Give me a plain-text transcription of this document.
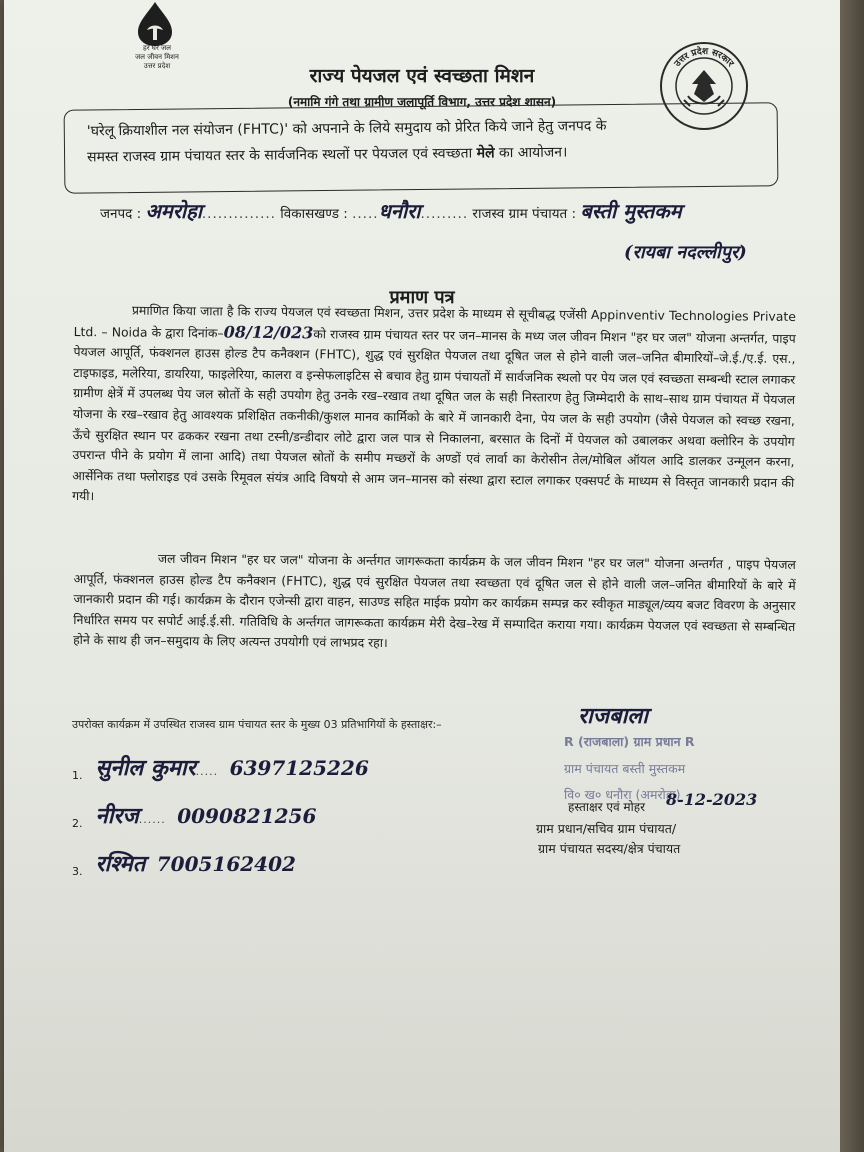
हर घर जल
जल जीवन मिशन
उत्तर प्रदेश	उत्तर प्रदेश सरकार
राज्य पेयजल एवं स्वच्छता मिशन
(नमामि गंगे तथा ग्रामीण जलापूर्ति विभाग, उत्तर प्रदेश शासन)
'घरेलू क्रियाशील नल संयोजन (FHTC)' को अपनाने के लिये समुदाय को प्रेरित किये जाने हेतु जनपद के
समस्त राजस्व ग्राम पंचायत स्तर के सार्वजनिक स्थलों पर पेयजल एवं स्वच्छता मेले का आयोजन।
जनपद : अमरोहा.............. विकासखण्ड : .....धनौरा......... राजस्व ग्राम पंचायत : बस्ती मुस्तकम
(रायबा नदल्लीपुर)
प्रमाण पत्र
प्रमाणित किया जाता है कि राज्य पेयजल एवं स्वच्छता मिशन, उत्तर प्रदेश के माध्यम से सूचीबद्ध एजेंसी Appinventiv Technologies Private Ltd. – Noida के द्वारा दिनांक–08/12/023को राजस्व ग्राम पंचायत स्तर पर जन–मानस के मध्य जल जीवन मिशन "हर घर जल" योजना अन्तर्गत, पाइप पेयजल आपूर्ति, फंक्शनल हाउस होल्ड टैप कनैक्शन (FHTC), शुद्ध एवं सुरक्षित पेयजल तथा दूषित जल से होने वाली जल–जनित बीमारियों–जे.ई./ए.ई. एस., टाइफाइड, मलेरिया, डायरिया, फाइलेरिया, कालरा व इन्सेफलाइटिस से बचाव हेतु ग्राम पंचायतों में सार्वजनिक स्थलो पर पेय जल एवं स्वच्छता सम्बन्धी स्टाल लगाकर ग्रामीण क्षेत्रें में उपलब्ध पेय जल स्रोतों के सही उपयोग हेतु उनके रख–रखाव तथा दूषित जल के सही निस्तारण हेतु जिम्मेदारी के साथ–साथ ग्राम पंचायत में पेयजल योजना के रख–रखाव हेतु आवश्यक प्रशिक्षित तकनीकी/कुशल मानव कार्मिको के बारे में जानकारी देना, पेय जल के सही उपयोग (जैसे पेयजल को स्वच्छ रखना, ऊँचे सुरक्षित स्थान पर ढककर रखना तथा टस्नी/डन्डीदार लोटे द्वारा जल पात्र से निकालना, बरसात के दिनों में पेयजल को उबालकर अथवा क्लोरिन के उपयोग उपरान्त पीने के प्रयोग में लाना आदि) तथा पेयजल स्रोतों के समीप मच्छरों के अण्डों एवं लार्वा का केरोसीन तेल/मोबिल ऑयल आदि डालकर उन्मूलन करना, आर्सेनिक तथा फ्लोराइड एवं उसके रिमूवल संयंत्र आदि विषयो से आम जन–मानस को संस्था द्वारा स्टाल लगाकर एक्सपर्ट के माध्यम से विस्तृत जानकारी प्रदान की गयी।
जल जीवन मिशन "हर घर जल" योजना के अर्न्तगत जागरूकता कार्यक्रम के जल जीवन मिशन "हर घर जल" योजना अन्तर्गत , पाइप पेयजल आपूर्ति, फंक्शनल हाउस होल्ड टैप कनैक्शन (FHTC), शुद्ध एवं सुरक्षित पेयजल तथा स्वच्छता एवं दूषित जल से होने वाली जल–जनित बीमारियों के बारे में जानकारी प्रदान की गई। कार्यक्रम के दौरान एजेन्सी द्वारा वाहन, साउण्ड सहित माईक प्रयोग कर कार्यक्रम सम्पन्न कर स्वीकृत माड्यूल/व्यय बजट विवरण के अनुसार निर्धारित समय पर सपोर्ट आई.ई.सी. गतिविधि के अर्न्तगत जागरूकता कार्यक्रम मेरी देख–रेख में सम्पादित कराया गया। कार्यक्रम पेयजल एवं स्वच्छता से सम्बन्धित होने के साथ ही जन–समुदाय के लिए अत्यन्त उपयोगी एवं लाभप्रद रहा।
उपरोक्त कार्यक्रम में उपस्थित राजस्व ग्राम पंचायत स्तर के मुख्य 03 प्रतिभागियों के हस्ताक्षर:–
1. सुनील कुमार..... 6397125226
2. नीरज...... 0090821256
3. रश्मित 7005162402
राजबाला
R (राजबाला) ग्राम प्रधान R
ग्राम पंचायत बस्ती मुस्तकम
वि० ख० धनौरा (अमरोहा)
हस्ताक्षर एवं मोहर 8-12-2023
ग्राम प्रधान/सचिव ग्राम पंचायत/
ग्राम पंचायत सदस्य/क्षेत्र पंचायत
